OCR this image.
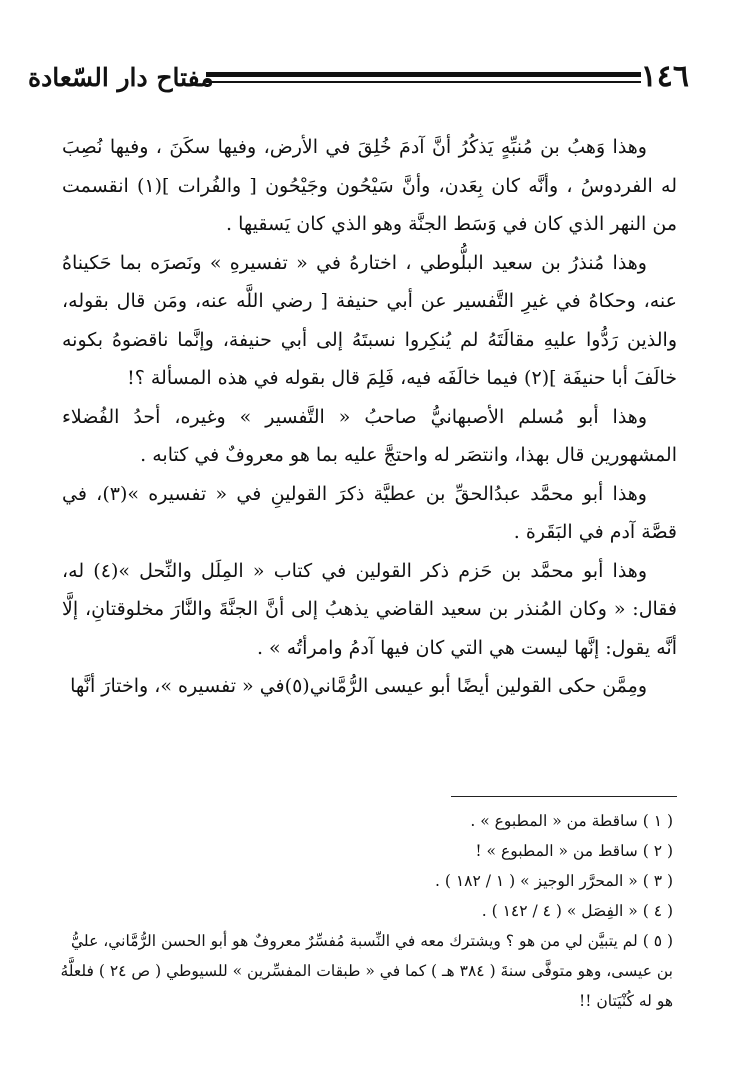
١٤٦
مفتاح دار السّعادة

وهذا وَهبُ بن مُنبِّهٍ يَذكُرُ أنَّ آدمَ خُلِقَ في الأرض، وفيها سكَنَ ، وفيها نُصِبَ له الفردوسُ ، وأنَّه كان بِعَدن، وأنَّ سَيْحُون وجَيْحُون [ والفُرات ](١) انقسمت من النهر الذي كان في وَسَط الجنَّة وهو الذي كان يَسقيها .

وهذا مُنذرُ بن سعيد البلُّوطي ، اختارهُ في « تفسيرهِ » ونَصرَه بما حَكيناهُ عنه، وحكاهُ في غيرِ التَّفسير عن أبي حنيفة [ رضي اللَّه عنه، ومَن قال بقوله، والذين رَدُّوا عليهِ مقالَتَهُ لم يُنكِروا نسبتَهُ إلى أبي حنيفة، وإنَّما ناقضوهُ بكونه خالَفَ أبا حنيفَة ](٢) فيما خالَفَه فيه، فَلِمَ قال بقوله في هذه المسألة ؟!

وهذا أبو مُسلم الأصبهانيُّ صاحبُ « التَّفسير » وغيره، أحدُ الفُضلاء المشهورين قال بهذا، وانتصَر له واحتجَّ عليه بما هو معروفٌ في كتابه .

وهذا أبو محمَّد عبدُالحقِّ بن عطيَّة ذكرَ القولينِ في « تفسيره »(٣)، في قصَّة آدم في البَقَرة .

وهذا أبو محمَّد بن حَزم ذكر القولين في كتاب « المِلَل والنِّحل »(٤) له، فقال: « وكان المُنذر بن سعيد القاضي يذهبُ إلى أنَّ الجنَّةَ والنَّارَ مخلوقتانِ، إلَّا أنَّه يقول: إنَّها ليست هي التي كان فيها آدمُ وامرأتُه » .

ومِمَّن حكى القولين أيضًا أبو عيسى الرُّمَّاني(٥)في « تفسيره »، واختارَ أنَّها

( ١ ) ساقطة من « المطبوع » .

( ٢ ) ساقط من « المطبوع » !

( ٣ ) « المحرَّر الوجيز » ( ١ / ١٨٢ ) .

( ٤ ) « الفِصَل » ( ٤ / ١٤٢ ) .

( ٥ ) لم يتبيَّن لي من هو ؟ ويشترك معه في النِّسبة مُفسِّرٌ معروفٌ هو أبو الحسن الرُّمَّاني، عليُّ بن عيسى، وهو متوفَّى سنةَ ( ٣٨٤ هـ ) كما في « طبقات المفسِّرين » للسيوطي ( ص ٢٤ ) فلعلَّهُ هو له كُنْيَتان !!
